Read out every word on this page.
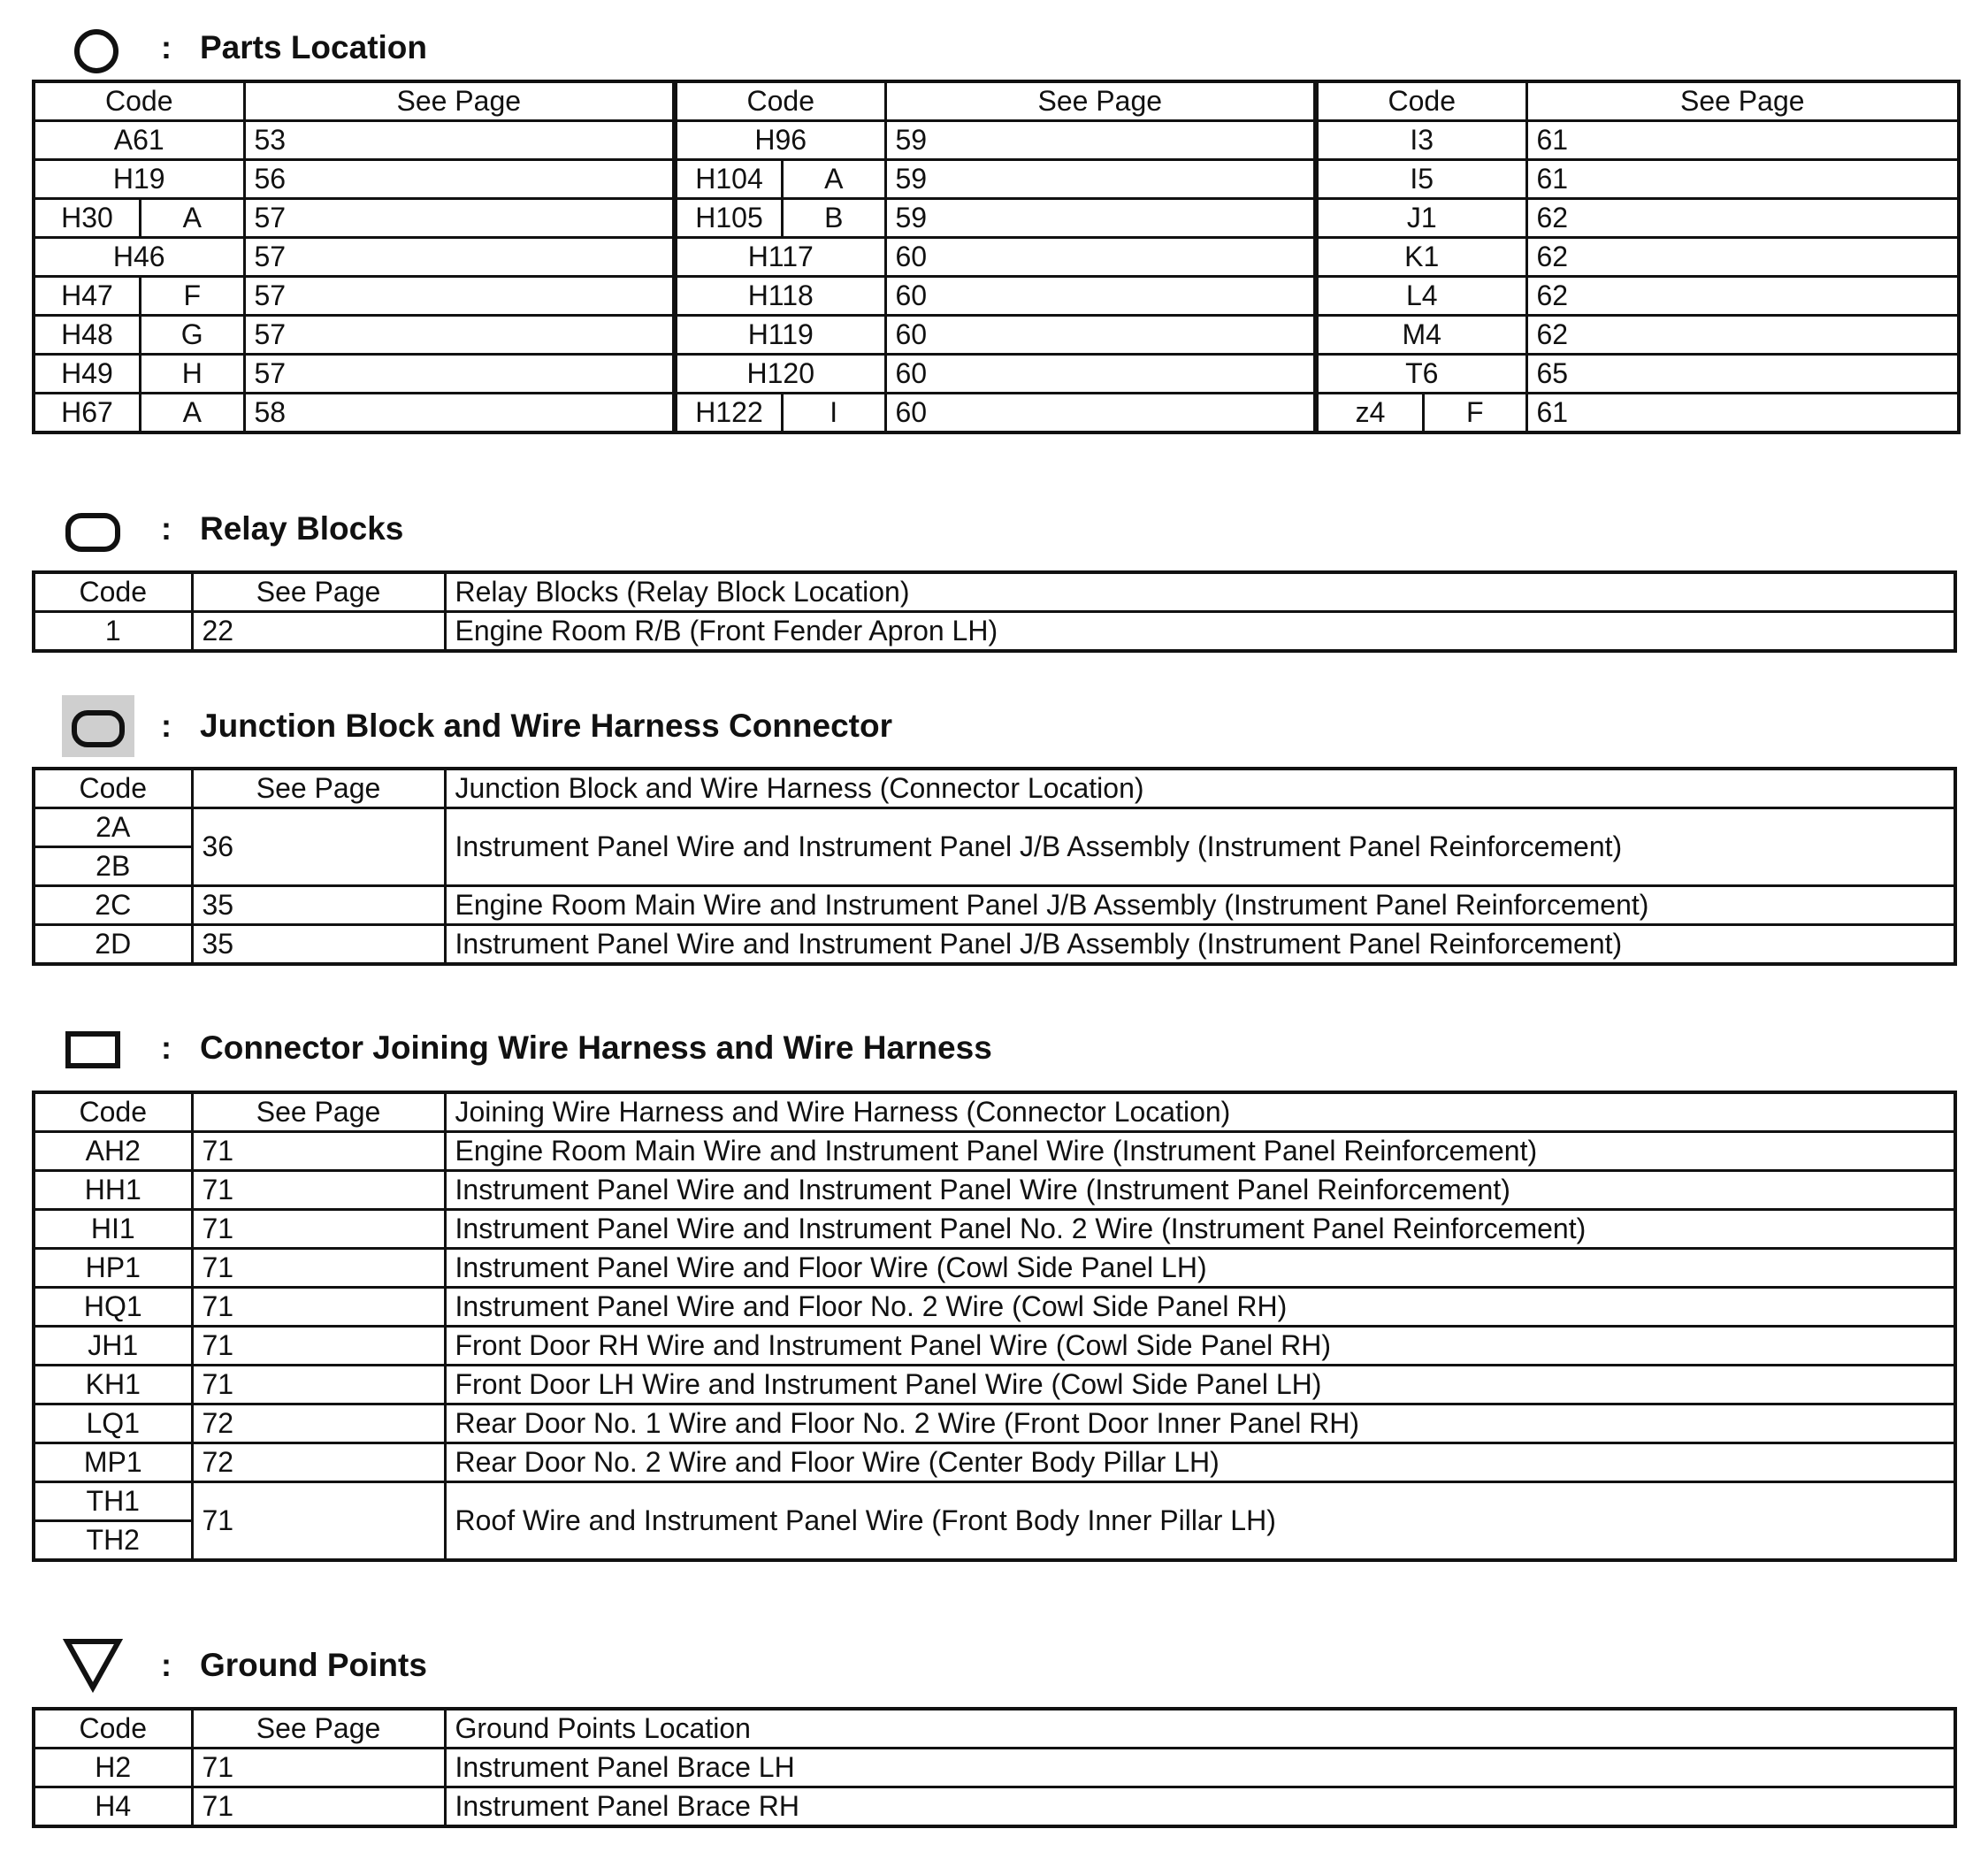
: Parts Location
Code	See Page	Code	See Page	Code	See Page
A61	53	H96	59	I3	61
H19	56	H104 A	59	I5	61

H30 A	57	H105 B	59	J1	62
H46	57	H117	60	K1	62

H47 F	57	H118	60	L4	62

H48 G	57	H119	60	M4	62

H49 H	57	H120	60	T6	65

H67 A	58	H122 I	60	z4 F	61
: Relay Blocks
Code	See Page	Relay Blocks (Relay Block Location)
1	22	Engine Room R/B (Front Fender Apron LH)
: Junction Block and Wire Harness Connector
Code	See Page	Junction Block and Wire Harness (Connector Location)
2A	36	Instrument Panel Wire and Instrument Panel J/B Assembly (Instrument Panel Reinforcement)
2B		
2C	35	Engine Room Main Wire and Instrument Panel J/B Assembly (Instrument Panel Reinforcement)
2D	35	Instrument Panel Wire and Instrument Panel J/B Assembly (Instrument Panel Reinforcement)
: Connector Joining Wire Harness and Wire Harness
Code	See Page	Joining Wire Harness and Wire Harness (Connector Location)
AH2	71	Engine Room Main Wire and Instrument Panel Wire (Instrument Panel Reinforcement)
HH1	71	Instrument Panel Wire and Instrument Panel Wire (Instrument Panel Reinforcement)
HI1	71	Instrument Panel Wire and Instrument Panel No. 2 Wire (Instrument Panel Reinforcement)
HP1	71	Instrument Panel Wire and Floor Wire (Cowl Side Panel LH)
HQ1	71	Instrument Panel Wire and Floor No. 2 Wire (Cowl Side Panel RH)
JH1	71	Front Door RH Wire and Instrument Panel Wire (Cowl Side Panel RH)
KH1	71	Front Door LH Wire and Instrument Panel Wire (Cowl Side Panel LH)
LQ1	72	Rear Door No. 1 Wire and Floor No. 2 Wire (Front Door Inner Panel RH)
MP1	72	Rear Door No. 2 Wire and Floor Wire (Center Body Pillar LH)
TH1	71	Roof Wire and Instrument Panel Wire (Front Body Inner Pillar LH)
TH2		
: Ground Points
Code	See Page	Ground Points Location
H2	71	Instrument Panel Brace LH
H4	71	Instrument Panel Brace RH
